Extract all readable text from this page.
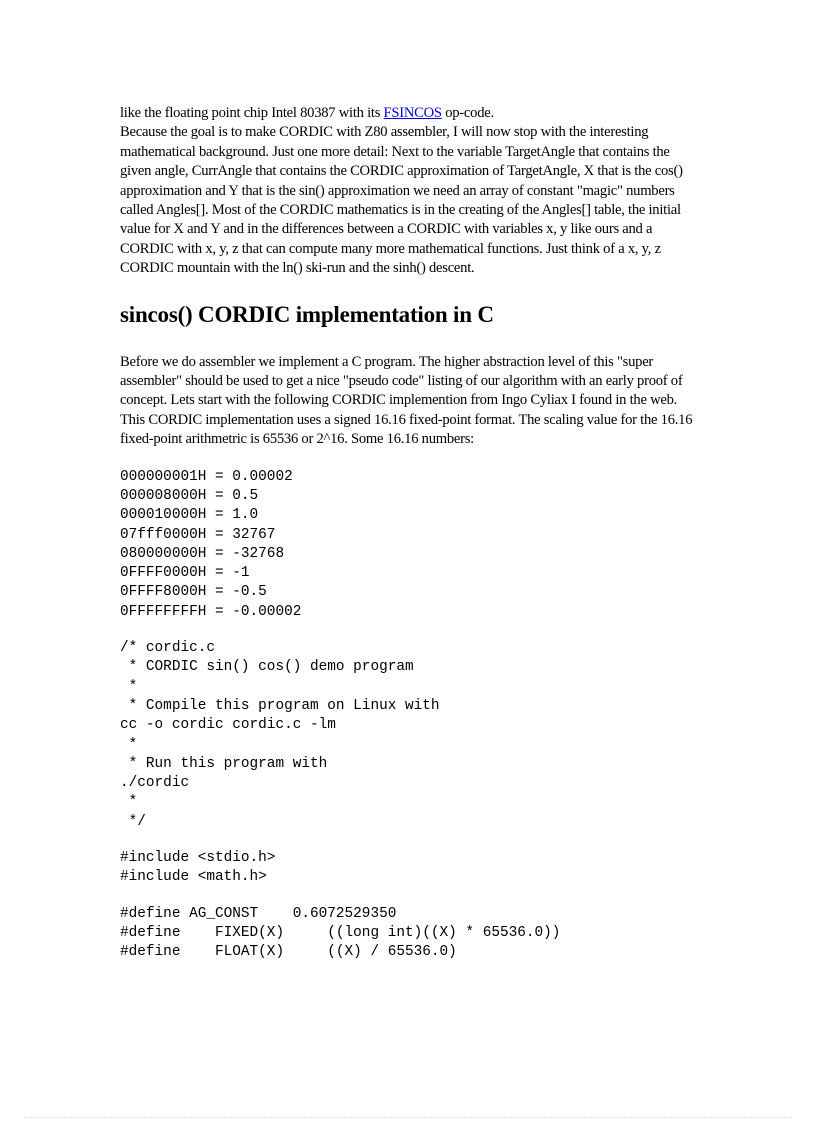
like the floating point chip Intel 80387 with its FSINCOS op-code.

Because the goal is to make CORDIC with Z80 assembler, I will now stop with the interesting mathematical background. Just one more detail: Next to the variable TargetAngle that contains the given angle, CurrAngle that contains the CORDIC approximation of TargetAngle, X that is the cos() approximation and Y that is the sin() approximation we need an array of constant "magic" numbers called Angles[]. Most of the CORDIC mathematics is in the creating of the Angles[] table, the initial value for X and Y and in the differences between a CORDIC with variables x, y like ours and a CORDIC with x, y, z that can compute many more mathematical functions. Just think of a x, y, z CORDIC mountain with the ln() ski-run and the sinh() descent.

sincos() CORDIC implementation in C

Before we do assembler we implement a C program. The higher abstraction level of this "super assembler" should be used to get a nice "pseudo code" listing of our algorithm with an early proof of concept. Lets start with the following CORDIC implemention from Ingo Cyliax I found in the web.

This CORDIC implementation uses a signed 16.16 fixed-point format. The scaling value for the 16.16 fixed-point arithmetric is 65536 or 2^16. Some 16.16 numbers:

000000001H = 0.00002
000008000H = 0.5
000010000H = 1.0
07fff0000H = 32767
080000000H = -32768
0FFFF0000H = -1
0FFFF8000H = -0.5
0FFFFFFFFH = -0.00002
/* cordic.c
* CORDIC sin() cos() demo program
*
* Compile this program on Linux with
cc -o cordic cordic.c -lm
*
* Run this program with
./cordic
*
*/
#include <stdio.h>
#include <math.h>
#define AG_CONST    0.6072529350
#define    FIXED(X)     ((long int)((X) * 65536.0))
#define    FLOAT(X)     ((X) / 65536.0)
